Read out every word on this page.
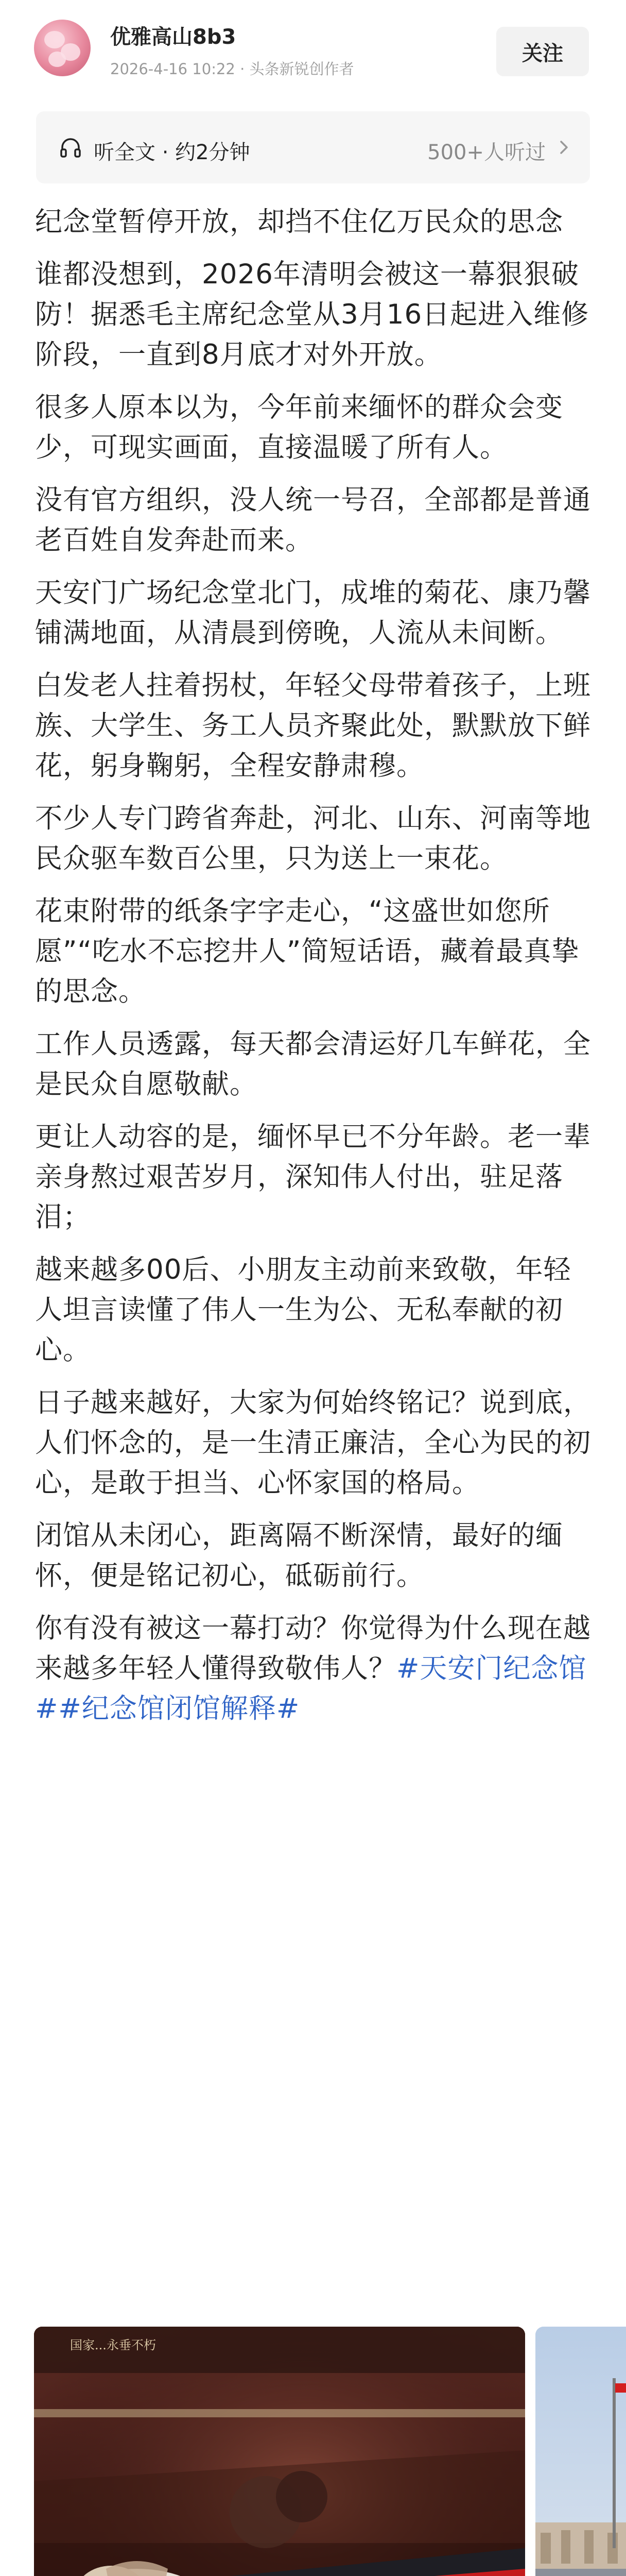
优雅高山8b3
2026-4-16 10:22 · 头条新锐创作者
关注
听全文 · 约2分钟	500+人听过

纪念堂暂停开放，却挡不住亿万民众的思念

谁都没想到，2026年清明会被这一幕狠狠破防！据悉毛主席纪念堂从3月16日起进入维修阶段，一直到8月底才对外开放。

很多人原本以为，今年前来缅怀的群众会变少，可现实画面，直接温暖了所有人。

没有官方组织，没人统一号召，全部都是普通老百姓自发奔赴而来。

天安门广场纪念堂北门，成堆的菊花、康乃馨铺满地面，从清晨到傍晚，人流从未间断。

白发老人拄着拐杖，年轻父母带着孩子，上班族、大学生、务工人员齐聚此处，默默放下鲜花，躬身鞠躬，全程安静肃穆。

不少人专门跨省奔赴，河北、山东、河南等地民众驱车数百公里，只为送上一束花。

花束附带的纸条字字走心，“这盛世如您所愿”“吃水不忘挖井人”简短话语，藏着最真挚的思念。

工作人员透露，每天都会清运好几车鲜花，全是民众自愿敬献。

更让人动容的是，缅怀早已不分年龄。老一辈亲身熬过艰苦岁月，深知伟人付出，驻足落泪；

越来越多00后、小朋友主动前来致敬，年轻人坦言读懂了伟人一生为公、无私奉献的初心。

日子越来越好，大家为何始终铭记？说到底，人们怀念的，是一生清正廉洁，全心为民的初心，是敢于担当、心怀家国的格局。

闭馆从未闭心，距离隔不断深情，最好的缅怀，便是铭记初心，砥砺前行。

你有没有被这一幕打动？你觉得为什么现在越来越多年轻人懂得致敬伟人？#天安门纪念馆##纪念馆闭馆解释#

国家...永垂不朽
